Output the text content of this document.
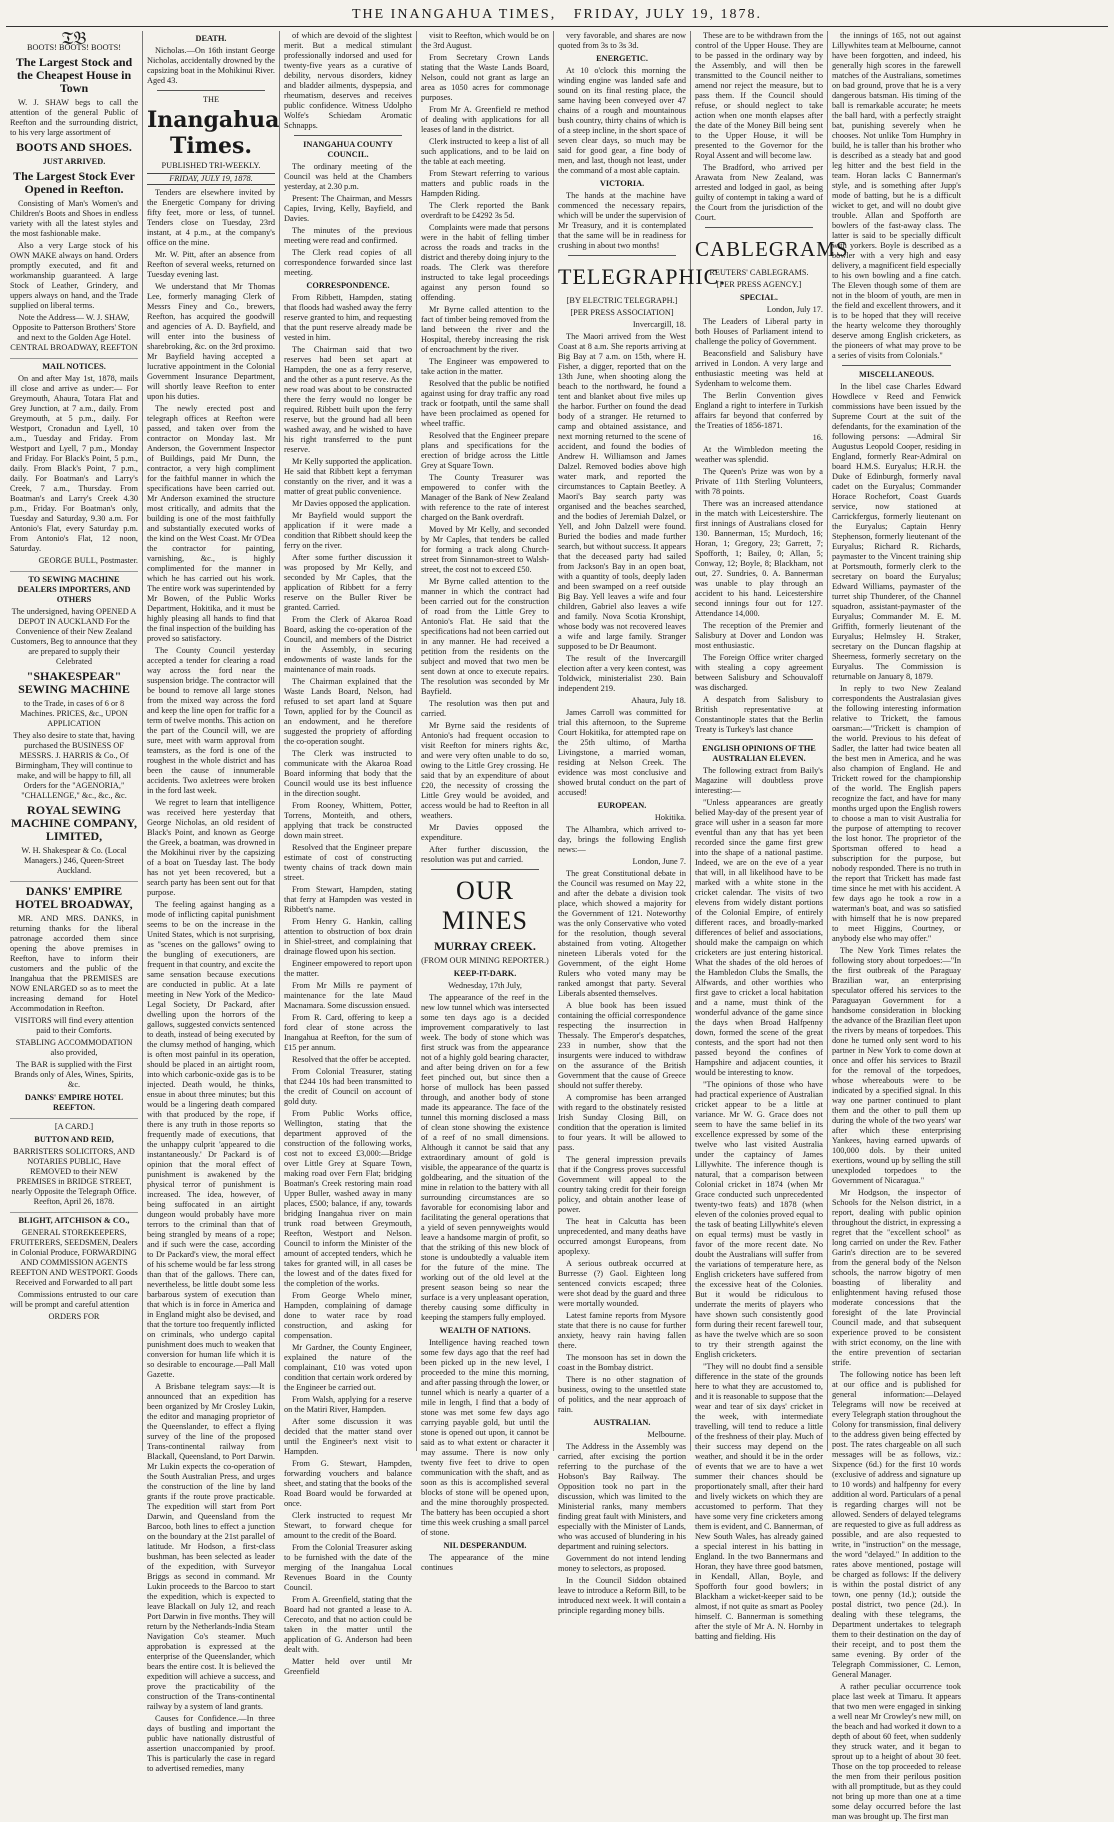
THE INANGAHUA TIMES, FRIDAY, JULY 19, 1878.
𝔗𝔅

BOOTS! BOOTS! BOOTS!

The Largest Stock and the Cheapest House in Town

W. J. SHAW begs to call the attention of the general Public of Reefton and the surrounding district, to his very large assortment of

BOOTS AND SHOES.

JUST ARRIVED.

The Largest Stock Ever Opened in Reefton.

Consisting of Man's Women's and Children's Boots and Shoes in endless variety with all the latest styles and the most fashionable make.

Also a very Large stock of his OWN MAKE always on hand. Orders promptly executed, and fit and workmanship guaranteed. A large Stock of Leather, Grindery, and uppers always on hand, and the Trade supplied on liberal terms.

Note the Address— W. J. SHAW, Opposite to Patterson Brothers' Store and next to the Golden Age Hotel. CENTRAL BROADWAY, REEFTON

MAIL NOTICES.

On and after May 1st, 1878, mails ill close and arrive as under:— For Greymouth, Ahaura, Totara Flat and Grey Junction, at 7 a.m., daily. From Greymouth, at 5 p.m., daily. For Westport, Cronadun and Lyell, 10 a.m., Tuesday and Friday. From Westport and Lyell, 7 p.m., Monday and Friday. For Black's Point, 5 p.m., daily. From Black's Point, 7 p.m., daily. For Boatman's and Larry's Creek, 7 a.m., Thursday. From Boatman's and Larry's Creek 4.30 p.m., Friday. For Boatman's only, Tuesday and Saturday, 9.30 a.m. For Antonio's Flat, every Saturday p.m. From Antonio's Flat, 12 noon, Saturday.

GEORGE BULL, Postmaster.

TO SEWING MACHINE DEALERS IMPORTERS, AND OTHERS

The undersigned, having OPENED A DEPOT IN AUCKLAND For the Convenience of their New Zealand Customers, Beg to announce that they are prepared to supply their Celebrated

"SHAKESPEAR" SEWING MACHINE

to the Trade, in cases of 6 or 8 Machines. PRICES, &c., UPON APPLICATION

They also desire to state that, having purchased the BUSINESS OF MESSRS. J. HARRIS & Co., Of Birmingham, They will continue to make, and will be happy to fill, all Orders for the "AGENORIA," "CHALLENGE," &c., &c., &c.

ROYAL SEWING MACHINE COMPANY, LIMITED,

W. H. Shakespear & Co. (Local Managers.) 246, Queen-Street Auckland.

DANKS' EMPIRE HOTEL BROADWAY,

MR. AND MRS. DANKS, in returning thanks for the liberal patronage accorded them since opening the above premises in Reefton, have to inform their customers and the public of the Inangahua that the PREMISES are NOW ENLARGED so as to meet the increasing demand for Hotel Accommodation in Reefton.

VISITORS will find every attention paid to their Comforts.

STABLING ACCOMMODATION also provided,

The BAR is supplied with the First Brands only of Ales, Wines, Spirits, &c.

DANKS' EMPIRE HOTEL REEFTON.

[A CARD.]

BUTTON AND REID,

BARRISTERS SOLICITORS, AND NOTARIES PUBLIC, Have REMOVED to their NEW PREMISES in BRIDGE STREET, nearly Opposite the Telegraph Office. Reefton, April 26, 1878.

BLIGHT, AITCHISON & CO.,

GENERAL STOREKEEPERS, FRUITERERS, SEEDSMEN, Dealers in Colonial Produce, FORWARDING AND COMMISSION AGENTS REEFTON AND WESTPORT. Goods Received and Forwarded to all part

Commissions entrusted to our care will be prompt and careful attention

ORDERS FOR

DEATH.

Nicholas.—On 16th instant George Nicholas, accidentally drowned by the capsizing boat in the Mohikinui River. Aged 43.

THE

Inangahua Times.

PUBLISHED TRI-WEEKLY.

FRIDAY, JULY 19, 1878.

Tenders are elsewhere invited by the Energetic Company for driving fifty feet, more or less, of tunnel. Tenders close on Tuesday, 23rd instant, at 4 p.m., at the company's office on the mine.

Mr. W. Pitt, after an absence from Reefton of several weeks, returned on Tuesday evening last.

We understand that Mr Thomas Lee, formerly managing Clerk of Messrs Finey and Co., brewers, Reefton, has acquired the goodwill and agencies of A. D. Bayfield, and will enter into the business of sharebroking, &c. on the 3rd proximo. Mr Bayfield having accepted a lucrative appointment in the Colonial Government Insurance Department, will shortly leave Reefton to enter upon his duties.

The newly erected post and telegraph offices at Reefton were passed, and taken over from the contractor on Monday last. Mr Anderson, the Government Inspector of Buildings, paid Mr Dunn, the contractor, a very high compliment for the faithful manner in which the specifications have been carried out. Mr Anderson examined the structure most critically, and admits that the building is one of the most faithfully and substantially executed works of the kind on the West Coast. Mr O'Dea the contractor for painting, varnishing, &c., is highly complimented for the manner in which he has carried out his work. The entire work was superintended by Mr Bowen, of the Public Works Department, Hokitika, and it must be highly pleasing all hands to find that the final inspection of the building has proved so satisfactory.

The County Council yesterday accepted a tender for clearing a road way across the ford near the suspension bridge. The contractor will be bound to remove all large stones from the mixed way across the ford and keep the line open for traffic for a term of twelve months. This action on the part of the Council will, we are sure, meet with warm approval from teamsters, as the ford is one of the roughest in the whole district and has been the cause of innumerable accidents. Two axletrees were broken in the ford last week.

We regret to learn that intelligence was received here yesterday that George Nicholas, an old resident of Black's Point, and known as George the Greek, a boatman, was drowned in the Mokihinui river by the capsizing of a boat on Tuesday last. The body has not yet been recovered, but a search party has been sent out for that purpose.

The feeling against hanging as a mode of inflicting capital punishment seems to be on the increase in the United States, which is not surprising, as "scenes on the gallows" owing to the bungling of executioners, are frequent in that country, and excite the same sensation because executions are conducted in public. At a late meeting in New York of the Medico-Legal Society, Dr Packard, after dwelling upon the horrors of the gallows, suggested convicts sentenced to death, instead of being executed by the clumsy method of hanging, which is often most painful in its operation, should be placed in an airtight room, into which carbonic-oxide gas is to be injected. Death would, he thinks, ensue in about three minutes; but this would be a lingering death compared with that produced by the rope, if there is any truth in those reports so frequently made of executions, that the unhappy culprit 'appeared to die instantaneously.' Dr Packard is of opinion that the moral effect of punishment is awakened by the physical terror of punishment is increased. The idea, however, of being suffocated in an airtight dungeon would probably have more terrors to the criminal than that of being strangled by means of a rope; and if such were the case, according to Dr Packard's view, the moral effect of his scheme would be far less strong than that of the gallows. There can, nevertheless, be little doubt some less barbarous system of execution than that which is in force in America and in England might also be devised, and that the torture too frequently inflicted on criminals, who undergo capital punishment does much to weaken that conversion for human life which it is so desirable to encourage.—Pall Mall Gazette.

A Brisbane telegram says:—It is announced that an expedition has been organized by Mr Crosley Lukin, the editor and managing proprietor of the Queenslander, to effect a flying survey of the line of the proposed Trans-continental railway from Blackall, Queensland, to Port Darwin. Mr Lukin expects the co-operation of the South Australian Press, and urges the construction of the line by land grants if the route prove practicable. The expedition will start from Port Darwin, and Queensland from the Barcoo, both lines to effect a junction on the boundary at the 21st parallel of latitude. Mr Hodson, a first-class bushman, has been selected as leader of the expedition, with Surveyor Briggs as second in command. Mr Lukin proceeds to the Barcoo to start the expedition, which is expected to leave Blackall on July 12, and reach Port Darwin in five months. They will return by the Netherlands-India Steam Navigation Co's steamer. Much approbation is expressed at the enterprise of the Queenslander, which bears the entire cost. It is believed the expedition will achieve a success, and prove the practicability of the construction of the Trans-continental railway by a system of land grants.

Causes for Confidence.—In three days of bustling and important the public have nationally distrustful of assertion unaccompanied by proof. This is particularly the case in regard to advertised remedies, many

of which are devoid of the slightest merit. But a medical stimulant professionally indorsed and used for twenty-five years as a curative of debility, nervous disorders, kidney and bladder ailments, dyspepsia, and rheumatism, deserves and receives public confidence. Witness Udolpho Wolfe's Schiedam Aromatic Schnapps.

INANGAHUA COUNTY COUNCIL.

The ordinary meeting of the Council was held at the Chambers yesterday, at 2.30 p.m.

Present: The Chairman, and Messrs Capies, Irving, Kelly, Bayfield, and Davies.

The minutes of the previous meeting were read and confirmed.

The Clerk read copies of all correspondence forwarded since last meeting.

CORRESPONDENCE.

From Ribbett, Hampden, stating that floods had washed away the ferry reserve granted to him, and requesting that the punt reserve already made be vested in him.

The Chairman said that two reserves had been set apart at Hampden, the one as a ferry reserve, and the other as a punt reserve. As the new road was about to be constructed there the ferry would no longer be required. Ribbett built upon the ferry reserve, but the ground had all been washed away, and he wished to have his right transferred to the punt reserve.

Mr Kelly supported the application. He said that Ribbett kept a ferryman constantly on the river, and it was a matter of great public convenience.

Mr Davies opposed the application.

Mr Bayfield would support the application if it were made a condition that Ribbett should keep the ferry on the river.

After some further discussion it was proposed by Mr Kelly, and seconded by Mr Caples, that the application of Ribbett for a ferry reserve on the Buller River be granted. Carried.

From the Clerk of Akaroa Road Board, asking the co-operation of the Council, and members of the District in the Assembly, in securing endowments of waste lands for the maintenance of main roads.

The Chairman explained that the Waste Lands Board, Nelson, had refused to set apart land at Square Town, applied for by the Council as an endowment, and he therefore suggested the propriety of affording the co-operation sought.

The Clerk was instructed to communicate with the Akaroa Road Board informing that body that the Council would use its best influence in the direction sought.

From Rooney, Whittem, Potter, Torrens, Monteith, and others, applying that track be constructed down main street.

Resolved that the Engineer prepare estimate of cost of constructing twenty chains of track down main street.

From Stewart, Hampden, stating that ferry at Hampden was vested in Ribbett's name.

From Henry G. Hankin, calling attention to obstruction of box drain in Shiel-street, and complaining that drainage flowed upon his section.

Engineer empowered to report upon the matter.

From Mr Mills re payment of maintenance for the late Maud Macnamara. Some discussion ensued.

From R. Card, offering to keep a ford clear of stone across the Inangahua at Reefton, for the sum of £15 per annum.

Resolved that the offer be accepted.

From Colonial Treasurer, stating that £244 10s had been transmitted to the credit of Council on account of gold duty.

From Public Works office, Wellington, stating that the department approved of the construction of the following works, cost not to exceed £3,000:—Bridge over Little Grey at Square Town, making road over Fern Flat; bridging Boatman's Creek restoring main road Upper Buller, washed away in many places, £500; balance, if any, towards bridging Inangahua river on main trunk road between Greymouth, Reefton, Westport and Nelson. Council to inform the Minister of the amount of accepted tenders, which he takes for granted will, in all cases be the lowest and of the dates fixed for the completion of the works.

From George Whelo miner, Hampden, complaining of damage done to water race by road construction, and asking for compensation.

Mr Gardner, the County Engineer, explained the nature of the complainant, £10 was voted upon condition that certain work ordered by the Engineer be carried out.

From Walsh, applying for a reserve on the Matiri River, Hampden.

After some discussion it was decided that the matter stand over until the Engineer's next visit to Hampden.

From G. Stewart, Hampden, forwarding vouchers and balance sheet, and stating that the books of the Road Board would be forwarded at once.

Clerk instructed to request Mr Stewart, to forward cheque for amount to the credit of the Board.

From the Colonial Treasurer asking to be furnished with the date of the merging of the Inangahua Local Revenues Board in the County Council.

From A. Greenfield, stating that the Board had not granted a lease to A. Cerecoto, and that no action could be taken in the matter until the application of G. Anderson had been dealt with.

Matter held over until Mr Greenfield

visit to Reefton, which would be on the 3rd August.

From Secretary Crown Lands stating that the Waste Lands Board, Nelson, could not grant as large an area as 1050 acres for commonage purposes.

From Mr A. Greenfield re method of dealing with applications for all leases of land in the district.

Clerk instructed to keep a list of all such applications, and to be laid on the table at each meeting.

From Stewart referring to various matters and public roads in the Hampden Riding.

The Clerk reported the Bank overdraft to be £4292 3s 5d.

Complaints were made that persons were in the habit of felling timber across the roads and tracks in the district and thereby doing injury to the roads. The Clerk was therefore instructed to take legal proceedings against any person found so offending.

Mr Byrne called attention to the fact of timber being removed from the land between the river and the Hospital, thereby increasing the risk of encroachment by the river.

The Engineer was empowered to take action in the matter.

Resolved that the public be notified against using for dray traffic any road track or footpath, until the same shall have been proclaimed as opened for wheel traffic.

Resolved that the Engineer prepare plans and specifications for the erection of bridge across the Little Grey at Square Town.

The County Treasurer was empowered to confer with the Manager of the Bank of New Zealand with reference to the rate of interest charged on the Bank overdraft.

Moved by Mr Kelly, and seconded by Mr Caples, that tenders be called for forming a track along Church-street from Sinnamon-street to Walsh-street, the cost not to exceed £50.

Mr Byrne called attention to the manner in which the contract had been carried out for the construction of road from the Little Grey to Antonio's Flat. He said that the specifications had not been carried out in any manner. He had received a petition from the residents on the subject and moved that two men be sent down at once to execute repairs. The resolution was seconded by Mr Bayfield.

The resolution was then put and carried.

Mr Byrne said the residents of Antonio's had frequent occasion to visit Reefton for miners rights &c, and were very often unable to do so, owing to the Little Grey crossing. He said that by an expenditure of about £20, the necessity of crossing the Little Grey would be avoided, and access would be had to Reefton in all weathers.

Mr Davies opposed the expenditure.

After further discussion, the resolution was put and carried.

OUR MINES

MURRAY CREEK.

(FROM OUR MINING REPORTER.)

KEEP-IT-DARK.

Wednesday, 17th July,

The appearance of the reef in the new low tunnel which was intersected some ten days ago is a decided improvement comparatively to last week. The body of stone which was first struck was from the appearance not of a highly gold bearing character, and after being driven on for a few feet pinched out, but since then a horse of mullock has been passed through, and another body of stone made its appearance. The face of the tunnel this morning disclosed a mass of clean stone showing the existence of a reef of no small dimensions. Although it cannot be said that any extraordinary amount of gold is visible, the appearance of the quartz is goldbearing, and the situation of the mine in relation to the battery with all surrounding circumstances are so favorable for economising labor and facilitating the general operations that a yield of seven pennyweights would leave a handsome margin of profit, so that the striking of this new block of stone is undoubtedly a valuable item for the future of the mine. The working out of the old level at the present season being so near the surface is a very unpleasant operation, thereby causing some difficulty in keeping the stampers fully employed.

WEALTH OF NATIONS.

Intelligence having reached town some few days ago that the reef had been picked up in the new level, I proceeded to the mine this morning, and after passing through the lower, or tunnel which is nearly a quarter of a mile in length, I find that a body of stone was met some few days ago carrying payable gold, but until the stone is opened out upon, it cannot be said as to what extent or character it may assume. There is now only twenty five feet to drive to open communication with the shaft, and as soon as this is accomplished several blocks of stone will be opened upon, and the mine thoroughly prospected. The battery has been occupied a short time this week crushing a small parcel of stone.

NIL DESPERANDUM.

The appearance of the mine continues

very favorable, and shares are now quoted from 3s to 3s 3d.

ENERGETIC.

At 10 o'clock this morning the winding engine was landed safe and sound on its final resting place, the same having been conveyed over 47 chains of a rough and mountainous bush country, thirty chains of which is of a steep incline, in the short space of seven clear days, so much may be said for good gear, a fine body of men, and last, though not least, under the command of a most able captain.

VICTORIA.

The hands at the machine have commenced the necessary repairs, which will be under the supervision of Mr Treasury, and it is contemplated that the same will be in readiness for crushing in about two months!

TELEGRAPHIC.

[BY ELECTRIC TELEGRAPH.]

[PER PRESS ASSOCIATION]

Invercargill, 18.

The Maori arrived from the West Coast at 8 a.m. She reports arriving at Big Bay at 7 a.m. on 15th, where H. Fisher, a digger, reported that on the 13th June, when shooting along the beach to the northward, he found a tent and blanket about five miles up the harbor. Further on found the dead body of a stranger. He returned to camp and obtained assistance, and next morning returned to the scene of accident, and found the bodies of Andrew H. Williamson and James Dalzel. Removed bodies above high water mark, and reported the circumstances to Captain Beetley. A Maori's Bay search party was organised and the beaches searched, and the bodies of Jeremiah Dalzel, or Yell, and John Dalzell were found. Buried the bodies and made further search, but without success. It appears that the deceased party had sailed from Jackson's Bay in an open boat, with a quantity of tools, deeply laden and been swamped on a reef outside Big Bay. Yell leaves a wife and four children, Gabriel also leaves a wife and family. Nova Scotia Kronshipt, whose body was not recovered leaves a wife and large family. Stranger supposed to be Dr Beaumont.

The result of the Invercargill election after a very keen contest, was Toldwick, ministerialist 230. Bain independent 219.

Ahaura, July 18.

James Carroll was committed for trial this afternoon, to the Supreme Court Hokitika, for attempted rape on the 25th ultimo, of Martha Livingstone, a married woman, residing at Nelson Creek. The evidence was most conclusive and showed brutal conduct on the part of accused!

EUROPEAN.

Hokitika.

The Alhambra, which arrived to-day, brings the following English news:—

London, June 7.

The great Constitutional debate in the Council was resumed on May 22, and after the debate a division took place, which showed a majority for the Government of 121. Noteworthy was the only Conservative who voted for the resolution, though several abstained from voting. Altogether nineteen Liberals voted for the Government, of the eight Home Rulers who voted many may be ranked amongst that party. Several Liberals absented themselves.

A blue book has been issued containing the official correspondence respecting the insurrection in Thessaly. The Emperor's despatches, 233 in number, show that the insurgents were induced to withdraw on the assurance of the British Government that the cause of Greece should not suffer thereby.

A compromise has been arranged with regard to the obstinately resisted Irish Sunday Closing Bill, on condition that the operation is limited to four years. It will be allowed to pass.

The general impression prevails that if the Congress proves successful Government will appeal to the country taking credit for their foreign policy, and obtain another lease of power.

The heat in Calcutta has been unprecedented, and many deaths have occurred amongst Europeans, from apoplexy.

A serious outbreak occurred at Burresse (?) Gaol. Eighteen long sentenced convicts escaped; three were shot dead by the guard and three were mortally wounded.

Latest famine reports from Mysore state that there is no cause for further anxiety, heavy rain having fallen there.

The monsoon has set in down the coast in the Bombay district.

There is no other stagnation of business, owing to the unsettled state of politics, and the near approach of rain.

AUSTRALIAN.

Melbourne.

The Address in the Assembly was carried, after excising the portion referring to the purchase of the Hobson's Bay Railway. The Opposition took no part in the discussion, which was limited to the Ministerial ranks, many members finding great fault with Ministers, and especially with the Minister of Lands, who was accused of blundering in his department and ruining selectors.

Government do not intend lending money to selectors, as proposed.

In the Council Siddon obtained leave to introduce a Reform Bill, to be introduced next week. It will contain a principle regarding money bills.

These are to be withdrawn from the control of the Upper House. They are to be passed in the ordinary way by the Assembly, and will then be transmitted to the Council neither to amend nor reject the measure, but to pass them. If the Council should refuse, or should neglect to take action when one month elapses after the date of the Money Bill being sent to the Upper House, it will be presented to the Governor for the Royal Assent and will become law.

The Bradford, who arrived per Arawata from New Zealand, was arrested and lodged in gaol, as being guilty of contempt in taking a ward of the Court from the jurisdiction of the Court.

CABLEGRAMS

REUTERS' CABLEGRAMS.

[PER PRESS AGENCY.]

SPECIAL.

London, July 17.

The Leaders of Liberal party in both Houses of Parliament intend to challenge the policy of Government.

Beaconsfield and Salisbury have arrived in London. A very large and enthusiastic meeting was held at Sydenham to welcome them.

The Berlin Convention gives England a right to interfere in Turkish affairs far beyond that conferred by the Treaties of 1856-1871.

16.

At the Wimbledon meeting the weather was splendid.

The Queen's Prize was won by a Private of 11th Sterling Volunteers, with 78 points.

There was an increased attendance in the match with Leicestershire. The first innings of Australians closed for 130. Bannerman, 15; Murdoch, 16; Horan, 1; Gregory, 23; Garrett, 7; Spofforth, 1; Bailey, 0; Allan, 5; Conway, 12; Boyle, 8; Blackham, not out, 27. Sundries, 0. A. Bannerman was unable to play through an accident to his hand. Leicestershire second innings four out for 127. Attendance 14,000.

The reception of the Premier and Salisbury at Dover and London was most enthusiastic.

The Foreign Office writer charged with stealing a copy agreement between Salisbury and Schouvaloff was discharged.

A despatch from Salisbury to British representative at Constantinople states that the Berlin Treaty is Turkey's last chance

ENGLISH OPINIONS OF THE AUSTRALIAN ELEVEN.

The following extract from Baily's Magazine will doubtless prove interesting:—

"Unless appearances are greatly belied May-day of the present year of grace will usher in a season far more eventful than any that has yet been recorded since the game first grew into the shape of a national pastime. Indeed, we are on the eve of a year that will, in all likelihood have to be marked with a white stone in the cricket calendar. The visits of two elevens from widely distant portions of the Colonial Empire, of entirely different races, and broadly-marked differences of belief and associations, should make the campaign on which cricketers are just entering historical. What the shades of the old heroes of the Hambledon Clubs the Smalls, the Alfwards, and other worthies who first gave to cricket a local habitation and a name, must think of the wonderful advance of the game since the days when Broad Halfpenny down, formed the scene of the great contests, and the sport had not then passed beyond the confines of Hampshire and adjacent counties, it would be interesting to know.

"The opinions of those who have had practical experience of Australian cricket appear to be a little at variance. Mr W. G. Grace does not seem to have the same belief in its excellence expressed by some of the twelve who last visited Australia under the captaincy of James Lillywhite. The inference though is natural, that a comparison between Colonial cricket in 1874 (when Mr Grace conducted such unprecedented twenty-two feats) and 1878 (when eleven of the colonies proved equal to the task of beating Lillywhite's eleven on equal terms) must be vastly in favor of the more recent date. No doubt the Australians will suffer from the variations of temperature here, as English cricketers have suffered from the excessive heat of the Colonies. But it would be ridiculous to underrate the merits of players who have shown such consistently good form during their recent farewell tour, as have the twelve which are so soon to try their strength against the English cricketers.

"They will no doubt find a sensible difference in the state of the grounds here to what they are accustomed to, and it is reasonable to suppose that the wear and tear of six days' cricket in the week, with intermediate travelling, will tend to reduce a little of the freshness of their play. Much of their success may depend on the weather, and should it be in the order of events that we are to have a wet summer their chances should be proportionately small, after their hard and lively wickets on which they are accustomed to perform. That they have some very fine cricketers among them is evident, and C. Bannerman, of New South Wales, has already gained a special interest in his batting in England. In the two Bannermans and Horan, they have three good batsmen, in Kendall, Allan, Boyle, and Spofforth four good bowlers; in Blackham a wicket-keeper said to be almost, if not quite as smart as Pooley himself. C. Bannerman is something after the style of Mr A. N. Hornby in batting and fielding. His

the innings of 165, not out against Lillywhites team at Melbourne, cannot have been forgotten, and indeed, his generally high scores in the farewell matches of the Australians, sometimes on bad ground, prove that he is a very dangerous batsman. His timing of the ball is remarkable accurate; he meets the ball hard, with a perfectly straight bat, punishing severely when he chooses. Not unlike Tom Humphry in build, he is taller than his brother who is described as a steady bat and good leg hitter and the best field in the team. Horan lacks C Bannerman's style, and is something after Jupp's mode of batting, but he is a difficult wicket to get, and will no doubt give trouble. Allan and Spofforth are bowlers of the fast-away class. The latter is said to be specially difficult with yorkers. Boyle is described as a bowler with a very high and easy delivery, a magnificent field especially to his own bowling and a fine catch. The Eleven though some of them are not in the bloom of youth, are men in the field and excellent throwers, and it is to be hoped that they will receive the hearty welcome they thoroughly deserve among English cricketers, as the pioneers of what may prove to be a series of visits from Colonials."

MISCELLANEOUS.

In the libel case Charles Edward Howdlece v Reed and Fenwick commissions have been issued by the Supreme Court at the suit of the defendants, for the examination of the following persons: —Admiral Sir Augustus Leopold Cooper, residing in England, formerly Rear-Admiral on board H.M.S. Euryalus; H.R.H. the Duke of Edinburgh, formerly naval cadet on the Euryalus; Commander Horace Rochefort, Coast Guards service, now stationed at Carrickfergus, formerly lieutenant on the Euryalus; Captain Henry Stephenson, formerly lieutenant of the Euryalus; Richard R. Richards, paymaster to the Vincent training ship at Portsmouth, formerly clerk to the secretary on board the Euryalus; Edward Williams, paymaster of the turret ship Thunderer, of the Channel squadron, assistant-paymaster of the Euryalus; Commander M. E. M. Griffith, formerly lieutenant of the Euryalus; Helmsley H. Straker, secretary on the Duncan flagship at Sheerness, formerly secretary on the Euryalus. The Commission is returnable on January 8, 1879.

In reply to two New Zealand correspondents the Australasian gives the following interesting information relative to Trickett, the famous oarsman:—"Trickett is champion of the world. Previous to his defeat of Sadler, the latter had twice beaten all the best men in America, and he was also champion of England. He and Trickett rowed for the championship of the world. The English papers recognize the fact, and have for many months urged upon the English rowers to choose a man to visit Australia for the purpose of attempting to recover the lost honor. The proprietor of the Sportsman offered to head a subscription for the purpose, but nobody responded. There is no truth in the report that Trickett has made fast time since he met with his accident. A few days ago he took a row in a waterman's boat, and was so satisfied with himself that he is now prepared to meet Higgins, Courtney, or anybody else who may offer."

The New York Times relates the following story about torpedoes:—"In the first outbreak of the Paraguay Brazilian war, an enterprising speculator offered his services to the Paraguayan Government for a handsome consideration in blocking the advance of the Brazilian fleet upon the rivers by means of torpedoes. This done he turned only sent word to his partner in New York to come down at once and offer his services to Brazil for the removal of the torpedoes, whose whereabouts were to be indicated by a specified signal. In this way one partner continued to plant them and the other to pull them up during the whole of the two years' war after which these enterprising Yankees, having earned upwards of 100,000 dols. by their united exertions, wound up by selling the still unexploded torpedoes to the Government of Nicaragua."

Mr Hodgson, the inspector of Schools for the Nelson district, in a report, dealing with public opinion throughout the district, in expressing a regret that the "excellent school" as long carried on under the Rev. Father Garin's direction are to be severed from the general body of the Nelson schools, the narrow bigotry of men boasting of liberality and enlightenment having refused those moderate concessions that the foresight of the late Provincial Council made, and that subsequent experience proved to be consistent with strict economy, on the line with the entire prevention of sectarian strife.

The following notice has been left at our office and is published for general information:—Delayed Telegrams will now be received at every Telegraph station throughout the Colony for transmission, final delivery to the address given being effected by post. The rates chargeable on all such messages will be as follows, viz.: Sixpence (6d.) for the first 10 words (exclusive of address and signature up to 10 words) and halfpenny for every addition al word. Particulars of a penal is regarding charges will not be allowed. Senders of delayed telegrams are requested to give as full address as possible, and are also requested to write, in "instruction" on the message, the word "delayed." In addition to the rates above mentioned, postage will be charged as follows: If the delivery is within the postal district of any town, one penny (1d.); outside the postal district, two pence (2d.). In dealing with these telegrams, the Department undertakes to telegraph them to their destination on the day of their receipt, and to post them the same evening. By order of the Telegraph Commissioner, C. Lemon, General Manager.

A rather peculiar occurrence took place last week at Timaru. It appears that two men were engaged in sinking a well near Mr Crowley's new mill, on the beach and had worked it down to a depth of about 60 feet, when suddenly they struck water, and it began to sprout up to a height of about 30 feet. Those on the top proceeded to release the men from their perilous position with all promptitude, but as they could not bring up more than one at a time some delay occurred before the last man was brought up. The first man
